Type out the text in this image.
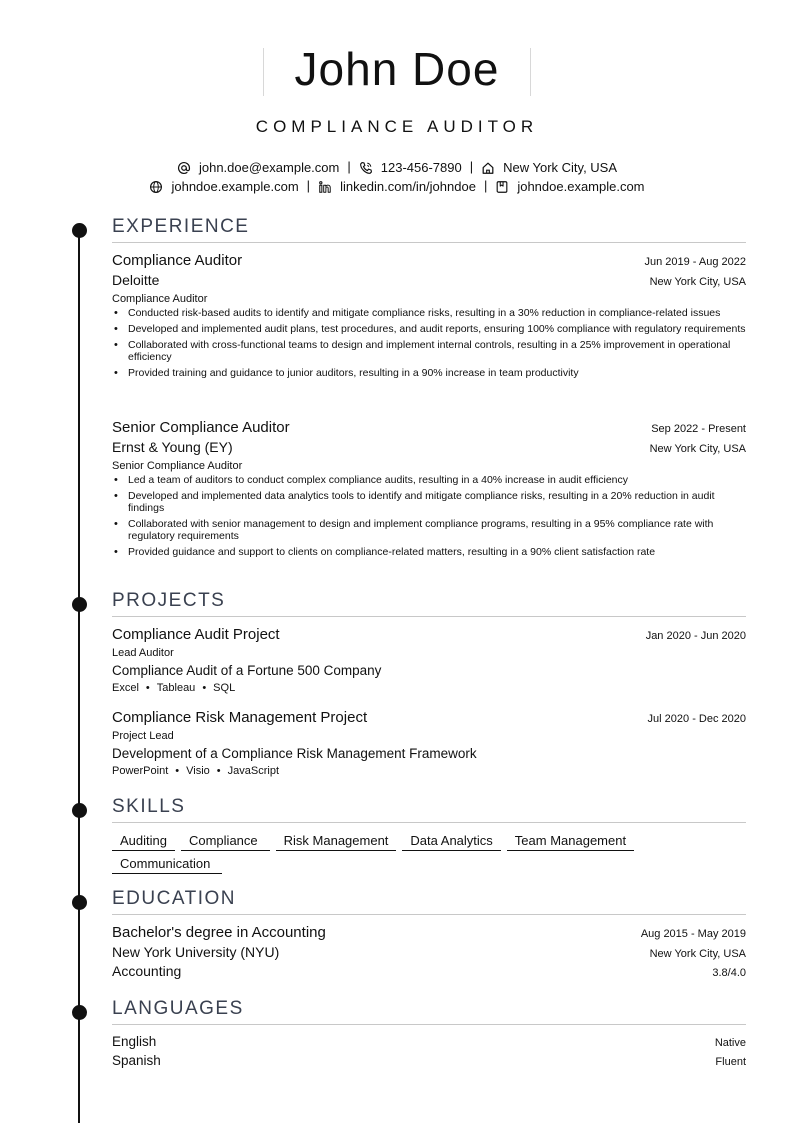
John Doe
COMPLIANCE AUDITOR
john.doe@example.com | 123-456-7890 | New York City, USA
johndoe.example.com | linkedin.com/in/johndoe | johndoe.example.com
EXPERIENCE
Compliance Auditor	Jun 2019 - Aug 2022
Deloitte	New York City, USA
Compliance Auditor
• Conducted risk-based audits to identify and mitigate compliance risks, resulting in a 30% reduction in compliance-related issues
• Developed and implemented audit plans, test procedures, and audit reports, ensuring 100% compliance with regulatory requirements
• Collaborated with cross-functional teams to design and implement internal controls, resulting in a 25% improvement in operational efficiency
• Provided training and guidance to junior auditors, resulting in a 90% increase in team productivity
Senior Compliance Auditor	Sep 2022 - Present
Ernst & Young (EY)	New York City, USA
Senior Compliance Auditor
• Led a team of auditors to conduct complex compliance audits, resulting in a 40% increase in audit efficiency
• Developed and implemented data analytics tools to identify and mitigate compliance risks, resulting in a 20% reduction in audit findings
• Collaborated with senior management to design and implement compliance programs, resulting in a 95% compliance rate with regulatory requirements
• Provided guidance and support to clients on compliance-related matters, resulting in a 90% client satisfaction rate
PROJECTS
Compliance Audit Project	Jan 2020 - Jun 2020
Lead Auditor
Compliance Audit of a Fortune 500 Company
Excel • Tableau • SQL
Compliance Risk Management Project	Jul 2020 - Dec 2020
Project Lead
Development of a Compliance Risk Management Framework
PowerPoint • Visio • JavaScript
SKILLS
Auditing Compliance Risk Management Data Analytics Team Management
Communication
EDUCATION
Bachelor's degree in Accounting	Aug 2015 - May 2019
New York University (NYU)	New York City, USA
Accounting	3.8/4.0
LANGUAGES
English	Native
Spanish	Fluent
